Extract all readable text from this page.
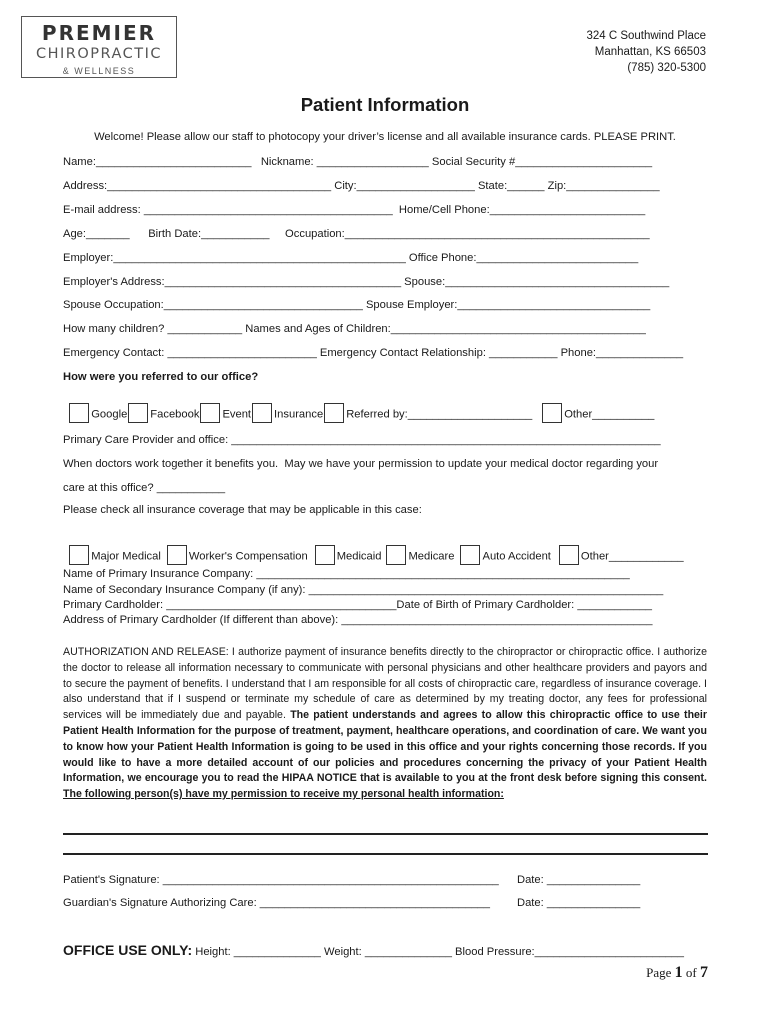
PREMIER
CHIROPRACTIC
& WELLNESS
324 C Southwind Place
Manhattan, KS 66503
(785) 320-5300
Patient Information
Welcome! Please allow our staff to photocopy your driver’s license and all available insurance cards. PLEASE PRINT.
Name:_________________________   Nickname: __________________ Social Security #______________________
Address:____________________________________ City:___________________ State:______ Zip:_______________
E-mail address: ________________________________________  Home/Cell Phone:_________________________
Age:_______      Birth Date:___________     Occupation:_________________________________________________
Employer:_______________________________________________ Office Phone:__________________________
Employer's Address:______________________________________ Spouse:____________________________________
Spouse Occupation:________________________________ Spouse Employer:_______________________________
How many children? ____________ Names and Ages of Children:_________________________________________
Emergency Contact: ________________________ Emergency Contact Relationship: ___________ Phone:______________
How were you referred to our office?

Google Facebook Event Insurance Referred by:____________________	Other__________

Primary Care Provider and office: _____________________________________________________________________
When doctors work together it benefits you.  May we have your permission to update your medical doctor regarding your
care at this office? ___________
Please check all insurance coverage that may be applicable in this case:

Major Medical	Worker's Compensation	Medicaid Medicare	Auto Accident	Other____________

Name of Primary Insurance Company: ____________________________________________________________
Name of Secondary Insurance Company (if any): _________________________________________________________
Primary Cardholder: _____________________________________Date of Birth of Primary Cardholder: ____________
Address of Primary Cardholder (If different than above): __________________________________________________
AUTHORIZATION AND RELEASE: I authorize payment of insurance benefits directly to the chiropractor or chiropractic office. I authorize the doctor to release all information necessary to communicate with personal physicians and other healthcare providers and payors and to secure the payment of benefits. I understand that I am responsible for all costs of chiropractic care, regardless of insurance coverage. I also understand that if I suspend or terminate my schedule of care as determined by my treating doctor, any fees for professional services will be immediately due and payable. The patient understands and agrees to allow this chiropractic office to use their Patient Health Information for the purpose of treatment, payment, healthcare operations, and coordination of care. We want you to know how your Patient Health Information is going to be used in this office and your rights concerning those records. If you would like to have a more detailed account of our policies and procedures concerning the privacy of your Patient Health Information, we encourage you to read the HIPAA NOTICE that is available to you at the front desk before signing this consent. The following person(s) have my permission to receive my personal health information:
Patient's Signature: ______________________________________________________ Date: _______________
Guardian's Signature Authorizing Care: _____________________________________ Date: _______________
OFFICE USE ONLY: Height: ______________ Weight: ______________ Blood Pressure:________________________
Page 1 of 7
